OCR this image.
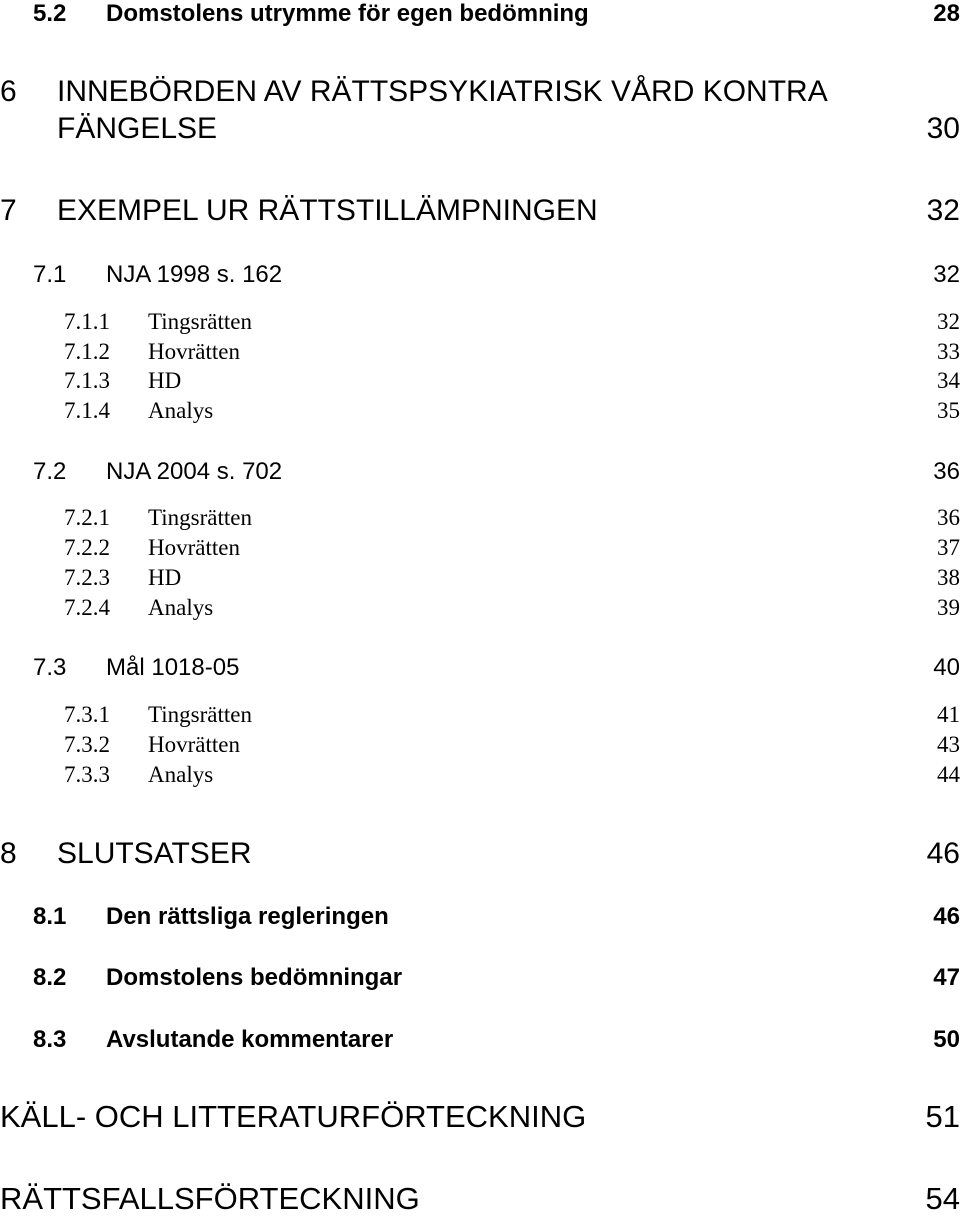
5.2 Domstolens utrymme för egen bedömning	28
6 INNEBÖRDEN AV RÄTTSPSYKIATRISK VÅRD KONTRA
FÄNGELSE	30
7 EXEMPEL UR RÄTTSTILLÄMPNINGEN	32
7.1 NJA 1998 s. 162	32
7.1.1 Tingsrätten	32
7.1.2 Hovrätten	33
7.1.3 HD	34
7.1.4 Analys	35
7.2 NJA 2004 s. 702	36
7.2.1 Tingsrätten	36
7.2.2 Hovrätten	37
7.2.3 HD	38
7.2.4 Analys	39
7.3 Mål 1018-05	40
7.3.1 Tingsrätten	41
7.3.2 Hovrätten	43
7.3.3 Analys	44
8 SLUTSATSER	46
8.1 Den rättsliga regleringen	46
8.2 Domstolens bedömningar	47
8.3 Avslutande kommentarer	50
KÄLL- OCH LITTERATURFÖRTECKNING	51
RÄTTSFALLSFÖRTECKNING	54
